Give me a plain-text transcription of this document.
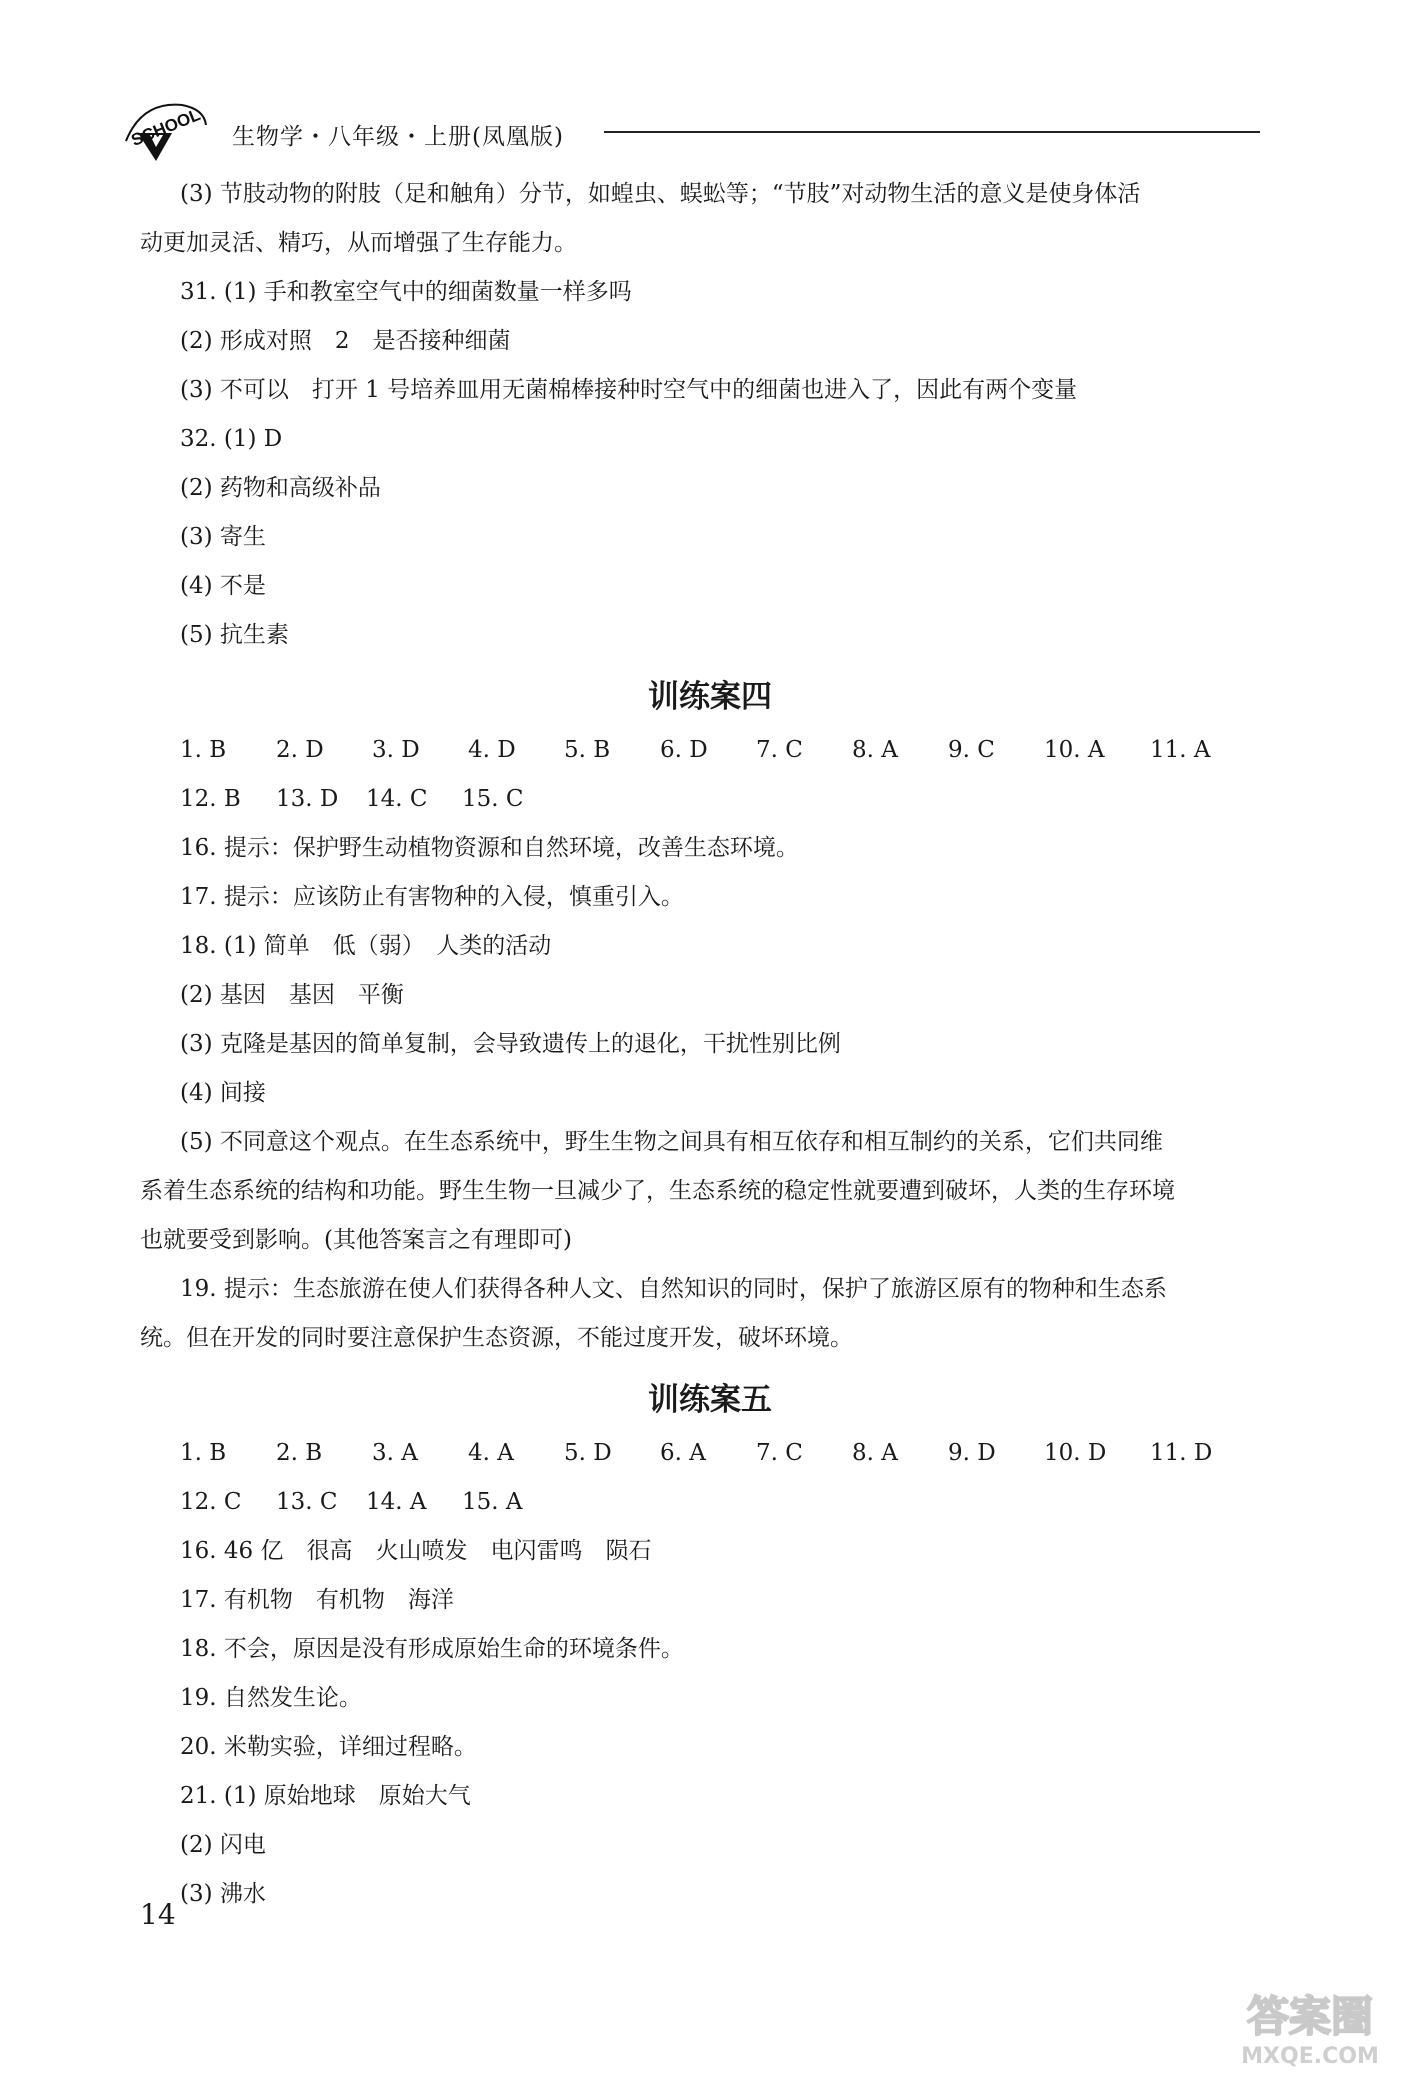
SCHOOL 生物学・八年级・上册(凤凰版)
(3) 节肢动物的附肢（足和触角）分节，如蝗虫、蜈蚣等；“节肢”对动物生活的意义是使身体活
动更加灵活、精巧，从而增强了生存能力。
31. (1) 手和教室空气中的细菌数量一样多吗
(2) 形成对照　2　是否接种细菌
(3) 不可以　打开 1 号培养皿用无菌棉棒接种时空气中的细菌也进入了，因此有两个变量
32. (1) D
(2) 药物和高级补品
(3) 寄生
(4) 不是
(5) 抗生素
训练案四
1. B	2. D	3. D	4. D	5. B	6. D	7. C	8. A	9. C	10. A	11. A
12. B	13. D	14. C	15. C
16. 提示：保护野生动植物资源和自然环境，改善生态环境。
17. 提示：应该防止有害物种的入侵，慎重引入。
18. (1) 简单　低（弱）　人类的活动
(2) 基因　基因　平衡
(3) 克隆是基因的简单复制，会导致遗传上的退化，干扰性别比例
(4) 间接
(5) 不同意这个观点。在生态系统中，野生生物之间具有相互依存和相互制约的关系，它们共同维
系着生态系统的结构和功能。野生生物一旦减少了，生态系统的稳定性就要遭到破坏，人类的生存环境
也就要受到影响。(其他答案言之有理即可)
19. 提示：生态旅游在使人们获得各种人文、自然知识的同时，保护了旅游区原有的物种和生态系
统。但在开发的同时要注意保护生态资源，不能过度开发，破坏环境。
训练案五
1. B	2. B	3. A	4. A	5. D	6. A	7. C	8. A	9. D	10. D	11. D
12. C	13. C	14. A	15. A
16. 46 亿　很高　火山喷发　电闪雷鸣　陨石
17. 有机物　有机物　海洋
18. 不会，原因是没有形成原始生命的环境条件。
19. 自然发生论。
20. 米勒实验，详细过程略。
21. (1) 原始地球　原始大气
(2) 闪电
(3) 沸水
14
答案圈
MXQE.COM
